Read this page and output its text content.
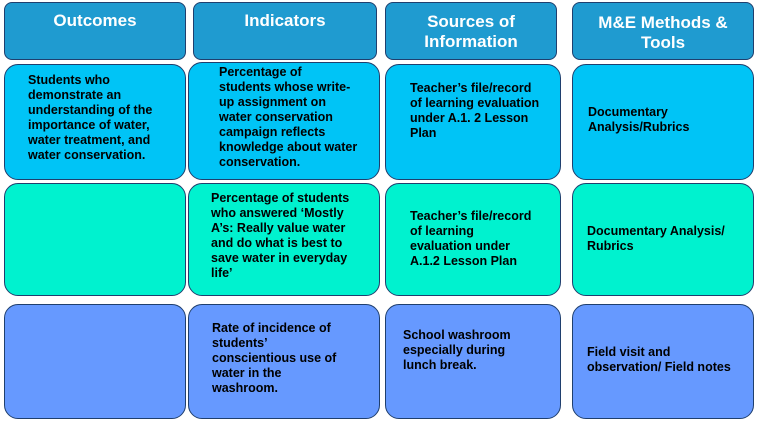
Outcomes	Indicators	Sources of
Information
M&E Methods &
Tools

Students who
demonstrate an
understanding of the
importance of water,
water treatment, and
water conservation.

Percentage of
students whose write-
up assignment on
water conservation
campaign reflects
knowledge about water
conservation.

Teacher’s file/record
of learning evaluation
under A.1. 2 Lesson
Plan

Documentary
Analysis/Rubrics

Percentage of students
who answered ‘Mostly
A’s: Really value water
and do what is best to
save water in everyday
life’

Teacher’s file/record
of learning
evaluation under
A.1.2 Lesson Plan

Documentary Analysis/
Rubrics

Rate of incidence of
students’
conscientious use of
water in the
washroom.

School washroom
especially during
lunch break.

Field visit and
observation/ Field notes
